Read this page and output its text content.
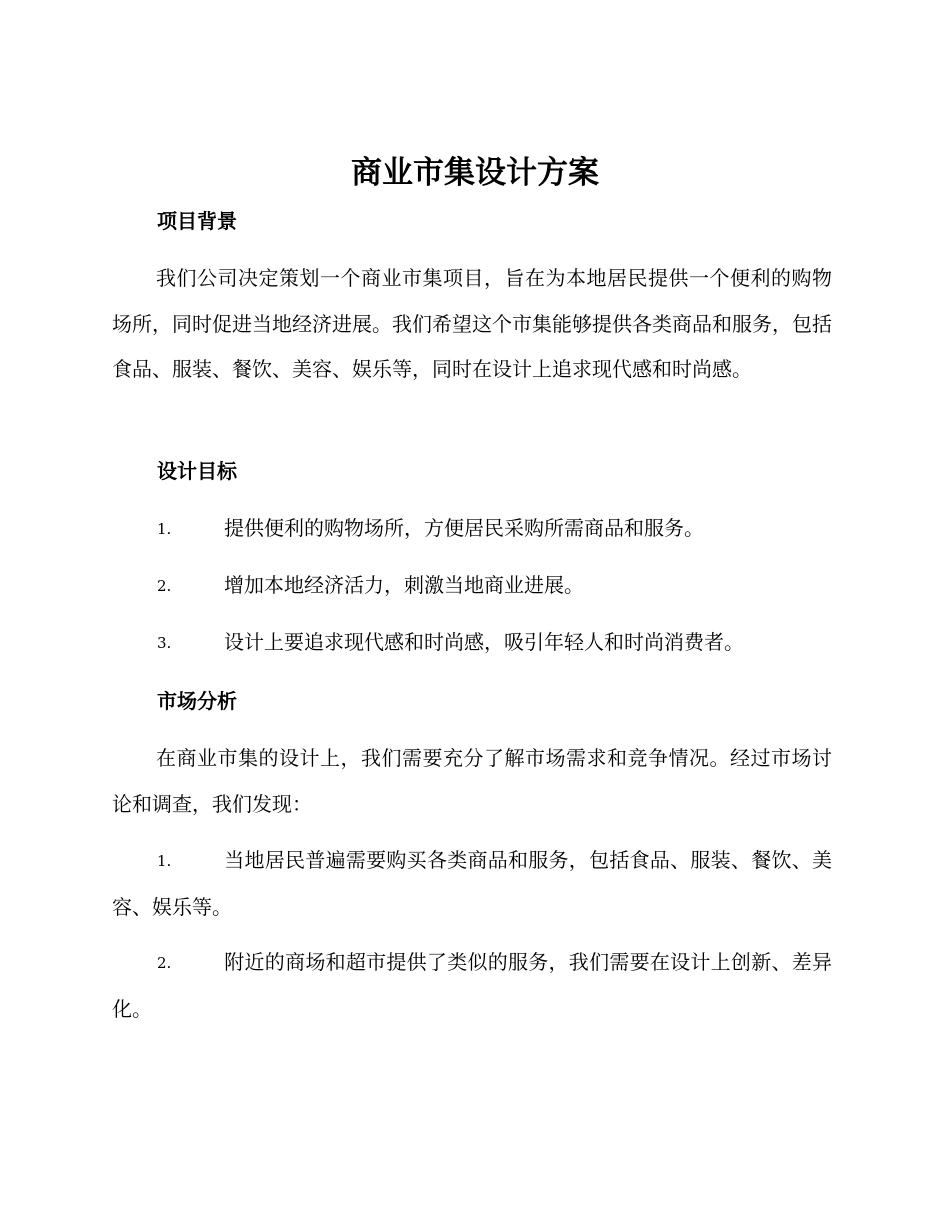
商业市集设计方案
项目背景

我们公司决定策划一个商业市集项目，旨在为本地居民提供一个便利的购物场所，同时促进当地经济进展。我们希望这个市集能够提供各类商品和服务，包括食品、服装、餐饮、美容、娱乐等，同时在设计上追求现代感和时尚感。

设计目标

1.	提供便利的购物场所，方便居民采购所需商品和服务。

2.	增加本地经济活力，刺激当地商业进展。

3.	设计上要追求现代感和时尚感，吸引年轻人和时尚消费者。

市场分析

在商业市集的设计上，我们需要充分了解市场需求和竞争情况。经过市场讨论和调查，我们发现：

1.	当地居民普遍需要购买各类商品和服务，包括食品、服装、餐饮、美容、娱乐等。

2.	附近的商场和超市提供了类似的服务，我们需要在设计上创新、差异化。
